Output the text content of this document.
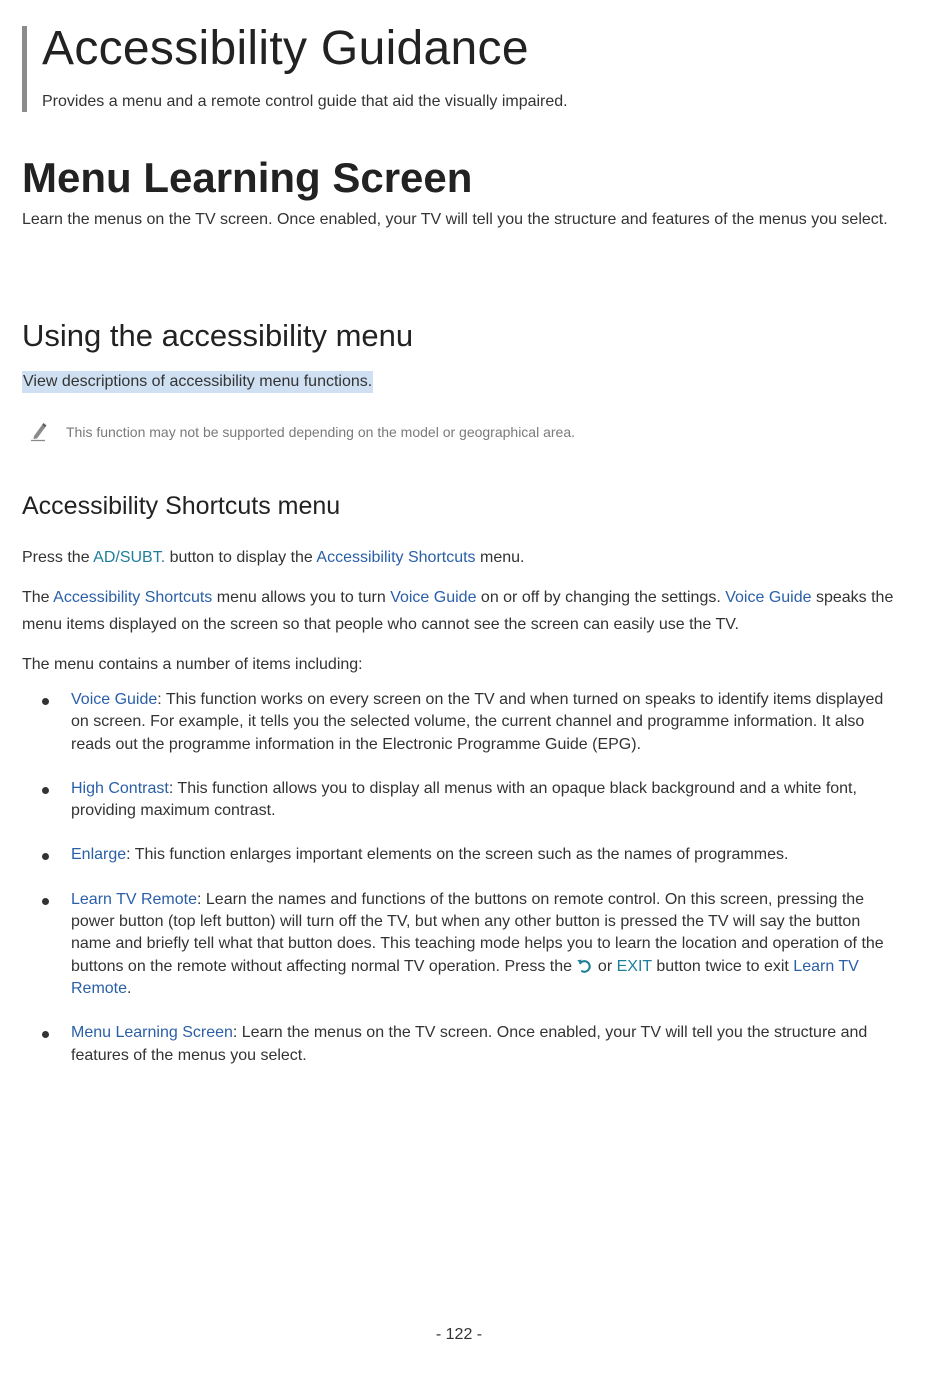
Accessibility Guidance
Provides a menu and a remote control guide that aid the visually impaired.
Menu Learning Screen
Learn the menus on the TV screen. Once enabled, your TV will tell you the structure and features of the menus you select.
Using the accessibility menu
View descriptions of accessibility menu functions.
This function may not be supported depending on the model or geographical area.
Accessibility Shortcuts menu
Press the AD/SUBT. button to display the Accessibility Shortcuts menu.
The Accessibility Shortcuts menu allows you to turn Voice Guide on or off by changing the settings. Voice Guide speaks the menu items displayed on the screen so that people who cannot see the screen can easily use the TV.
The menu contains a number of items including:
Voice Guide: This function works on every screen on the TV and when turned on speaks to identify items displayed on screen. For example, it tells you the selected volume, the current channel and programme information. It also reads out the programme information in the Electronic Programme Guide (EPG).
High Contrast: This function allows you to display all menus with an opaque black background and a white font, providing maximum contrast.
Enlarge: This function enlarges important elements on the screen such as the names of programmes.
Learn TV Remote: Learn the names and functions of the buttons on remote control. On this screen, pressing the power button (top left button) will turn off the TV, but when any other button is pressed the TV will say the button name and briefly tell what that button does. This teaching mode helps you to learn the location and operation of the buttons on the remote without affecting normal TV operation. Press the  or EXIT button twice to exit Learn TV Remote.
Menu Learning Screen: Learn the menus on the TV screen. Once enabled, your TV will tell you the structure and features of the menus you select.
- 122 -
